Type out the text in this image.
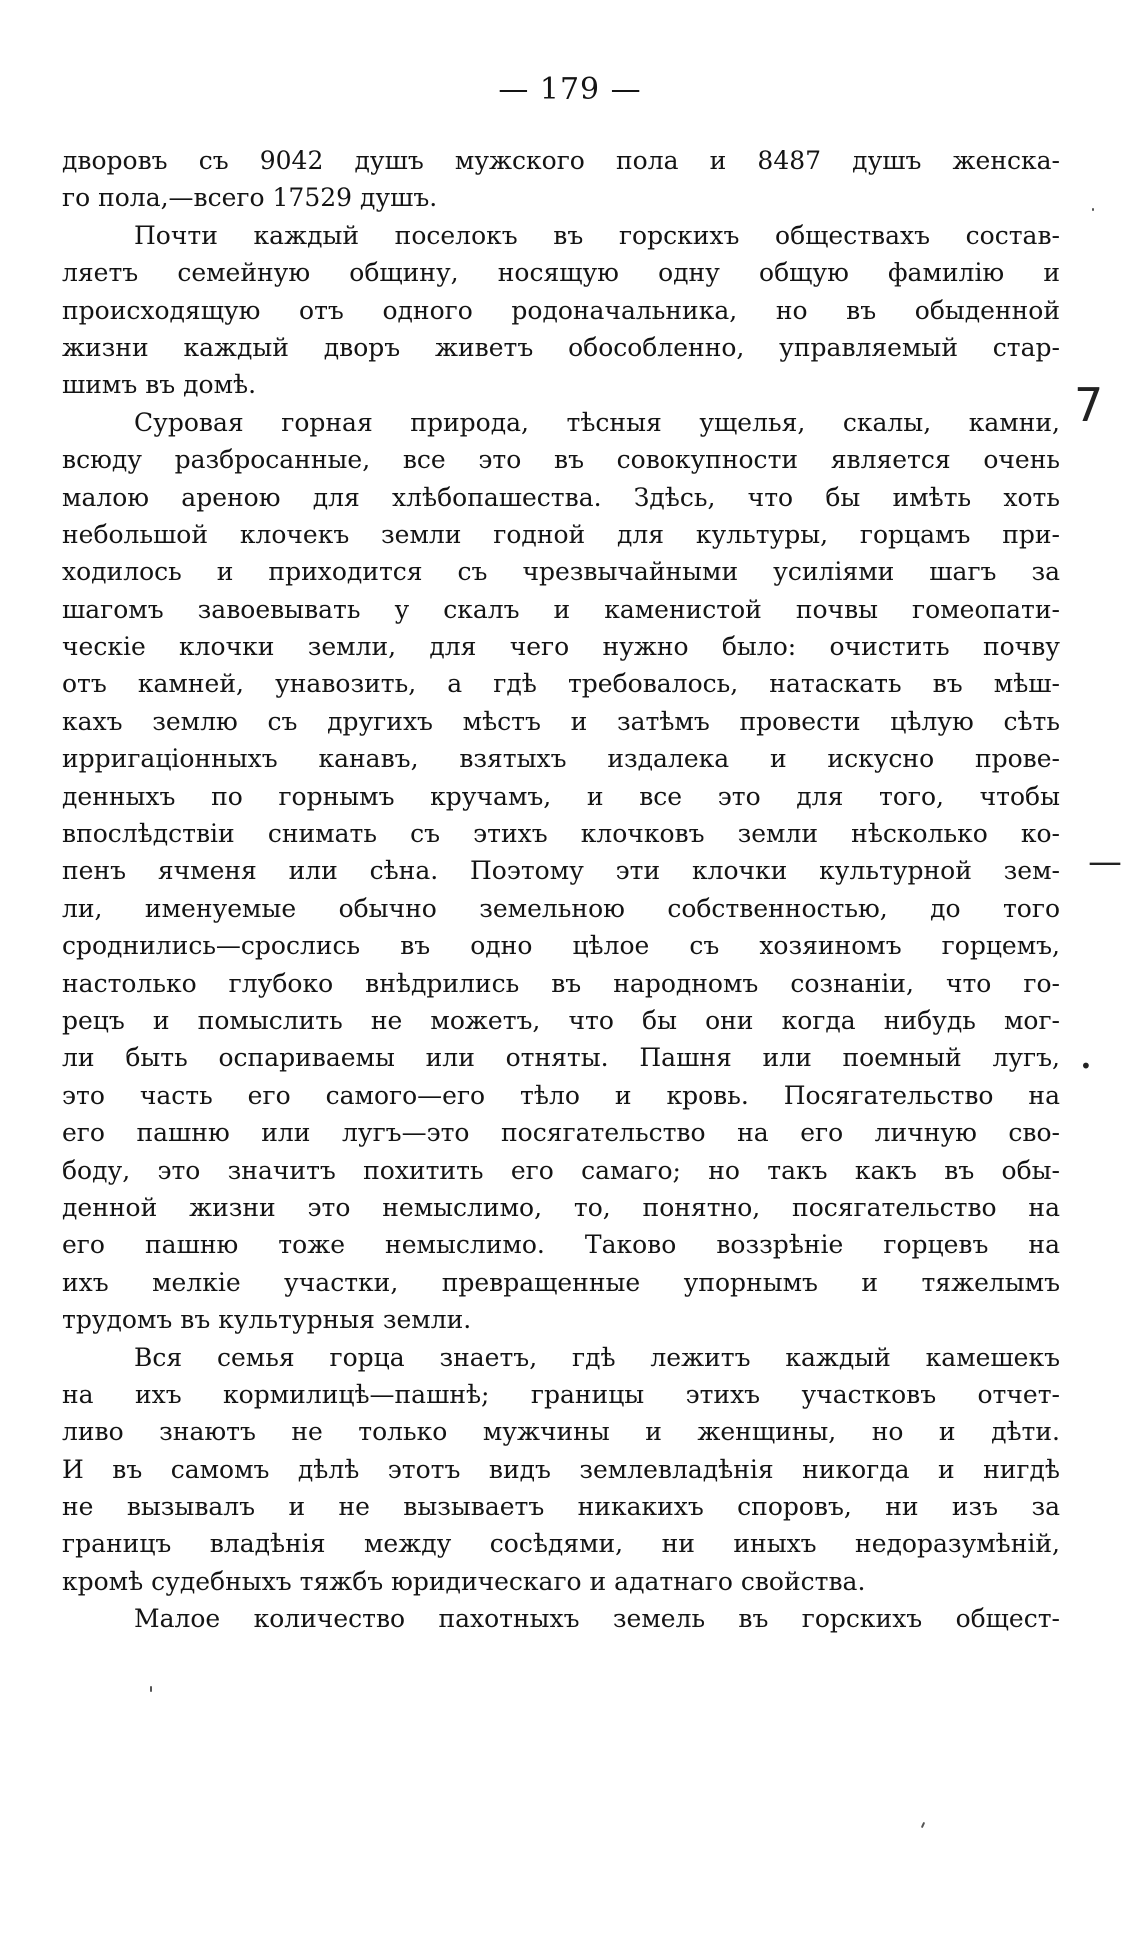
— 179 —
дворовъ съ 9042 душъ мужского пола и 8487 душъ женска-
го пола,—всего 17529 душъ.
Почти каждый поселокъ въ горскихъ обществахъ состав-
ляетъ семейную общину, носящую одну общую фамилію и
происходящую отъ одного родоначальника, но въ обыденной
жизни каждый дворъ живетъ обособленно, управляемый стар-
шимъ въ домѣ.
Суровая горная природа, тѣсныя ущелья, скалы, камни,
всюду разбросанные, все это въ совокупности является очень
малою ареною для хлѣбопашества. Здѣсь, что бы имѣть хоть
небольшой клочекъ земли годной для культуры, горцамъ при-
ходилось и приходится съ чрезвычайными усиліями шагъ за
шагомъ завоевывать у скалъ и каменистой почвы гомеопати-
ческіе клочки земли, для чего нужно было: очистить почву
отъ камней, унавозить, а гдѣ требовалось, натаскать въ мѣш-
кахъ землю съ другихъ мѣстъ и затѣмъ провести цѣлую сѣть
ирригаціонныхъ канавъ, взятыхъ издалека и искусно прове-
денныхъ по горнымъ кручамъ, и все это для того, чтобы
впослѣдствіи снимать съ этихъ клочковъ земли нѣсколько ко-
пенъ ячменя или сѣна. Поэтому эти клочки культурной зем-
ли, именуемые обычно земельною собственностью, до того
сроднились—срослись въ одно цѣлое съ хозяиномъ горцемъ,
настолько глубоко внѣдрились въ народномъ сознаніи, что го-
рецъ и помыслить не можетъ, что бы они когда нибудь мог-
ли быть оспариваемы или отняты. Пашня или поемный лугъ,
это часть его самого—его тѣло и кровь. Посягательство на
его пашню или лугъ—это посягательство на его личную сво-
боду, это значитъ похитить его самаго; но такъ какъ въ обы-
денной жизни это немыслимо, то, понятно, посягательство на
его пашню тоже немыслимо. Таково воззрѣніе горцевъ на
ихъ мелкіе участки, превращенные упорнымъ и тяжелымъ
трудомъ въ культурныя земли.
Вся семья горца знаетъ, гдѣ лежитъ каждый камешекъ
на ихъ кормилицѣ—пашнѣ; границы этихъ участковъ отчет-
ливо знаютъ не только мужчины и женщины, но и дѣти.
И въ самомъ дѣлѣ этотъ видъ землевладѣнія никогда и нигдѣ
не вызывалъ и не вызываетъ никакихъ споровъ, ни изъ за
границъ владѣнія между сосѣдями, ни иныхъ недоразумѣній,
кромѣ судебныхъ тяжбъ юридическаго и адатнаго свойства.
Малое количество пахотныхъ земель въ горскихъ общест-
7
—
•
